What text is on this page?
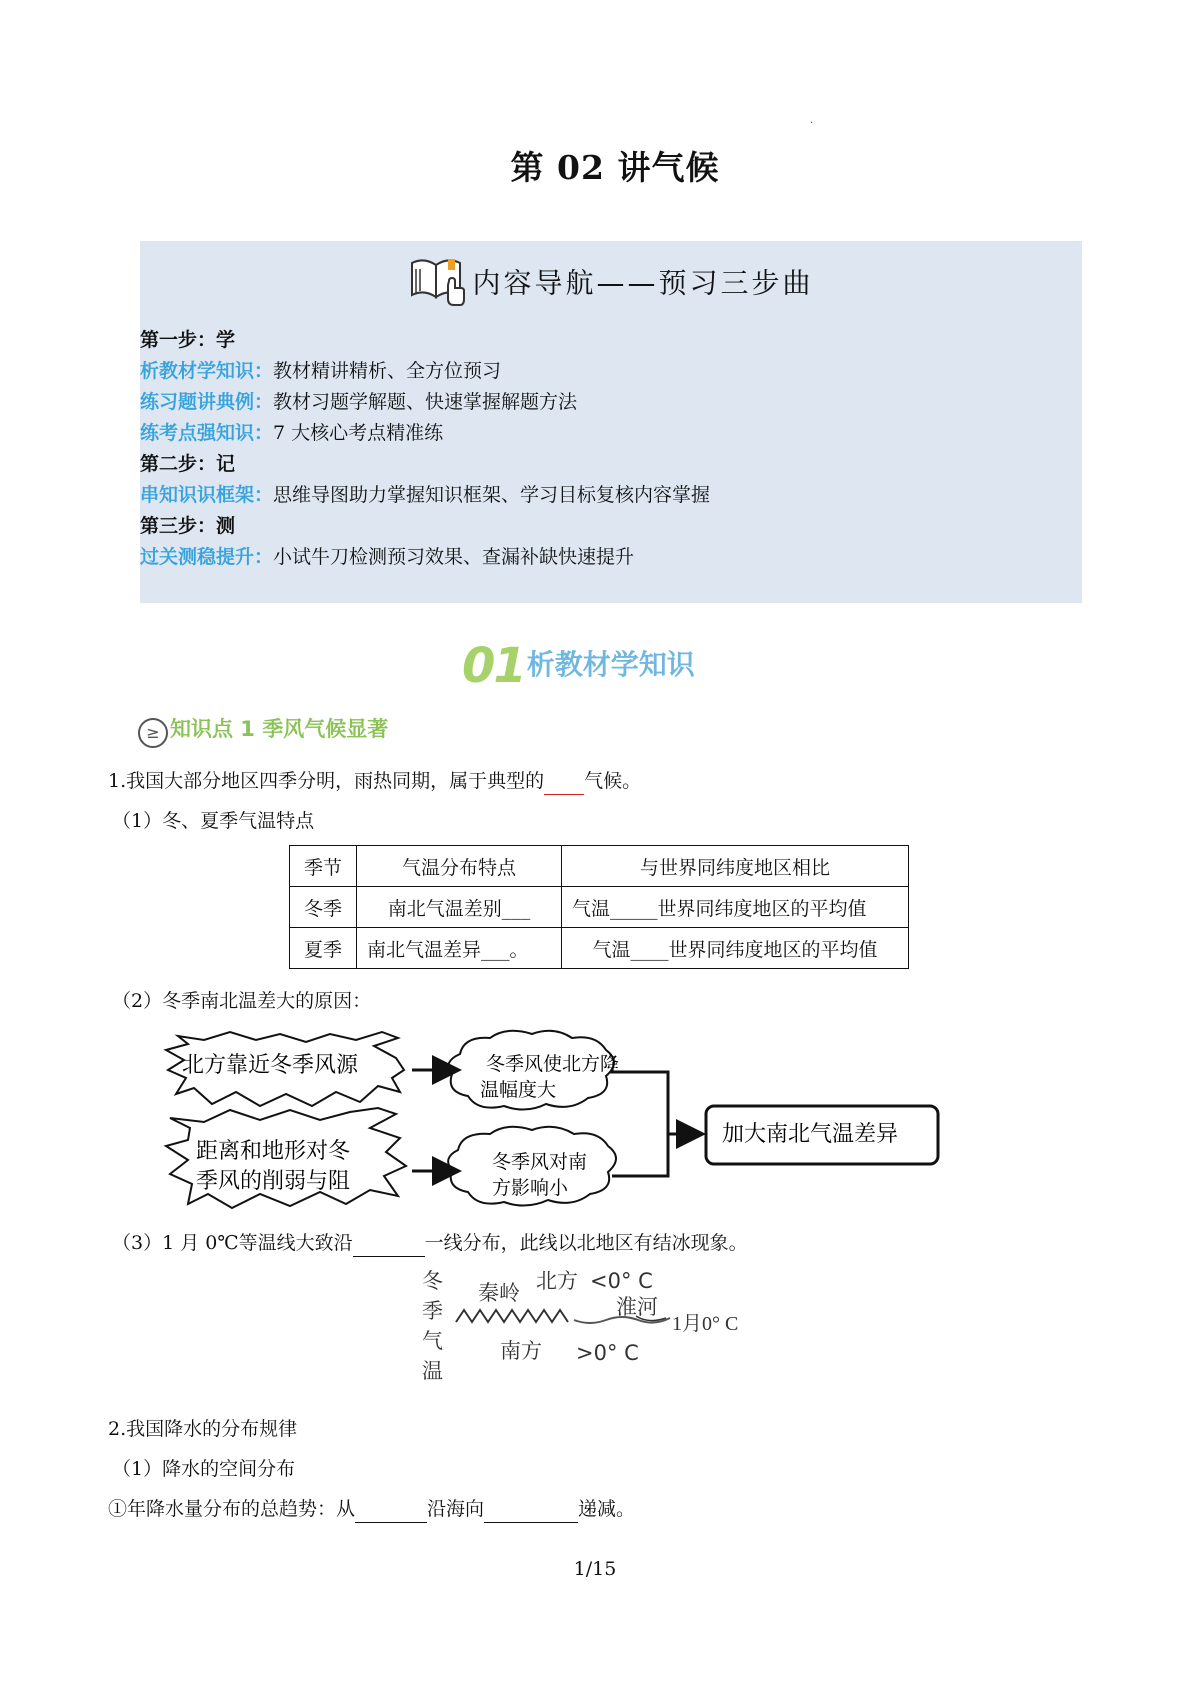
第 02 讲气候
·
内容导航——预习三步曲
第一步：学
析教材学知识：教材精讲精析、全方位预习
练习题讲典例：教材习题学解题、快速掌握解题方法
练考点强知识：7 大核心考点精准练
第二步：记
串知识识框架：思维导图助力掌握知识框架、学习目标复核内容掌握
第三步：测
过关测稳提升：小试牛刀检测预习效果、查漏补缺快速提升
01析教材学知识
≥ 知识点 1 季风气候显著
1.我国大部分地区四季分明，雨热同期，属于典型的 气候。
（1）冬、夏季气温特点
季节	气温分布特点	与世界同纬度地区相比
冬季	南北气温差别___	气温_____世界同纬度地区的平均值
夏季	南北气温差异___。	气温____世界同纬度地区的平均值
（2）冬季南北温差大的原因：
北方靠近冬季风源
距离和地形对冬
季风的削弱与阻
冬季风使北方降
温幅度大
冬季风对南
方影响小
加大南北气温差异
（3）1 月 0℃等温线大致沿	一线分布，此线以北地区有结冰现象。
冬
季
气
温
秦岭 北方 <0° C
淮河
1月0° C
南方 >0° C
2.我国降水的分布规律
（1）降水的空间分布
①年降水量分布的总趋势：从	沿海向	递减。
1/15
